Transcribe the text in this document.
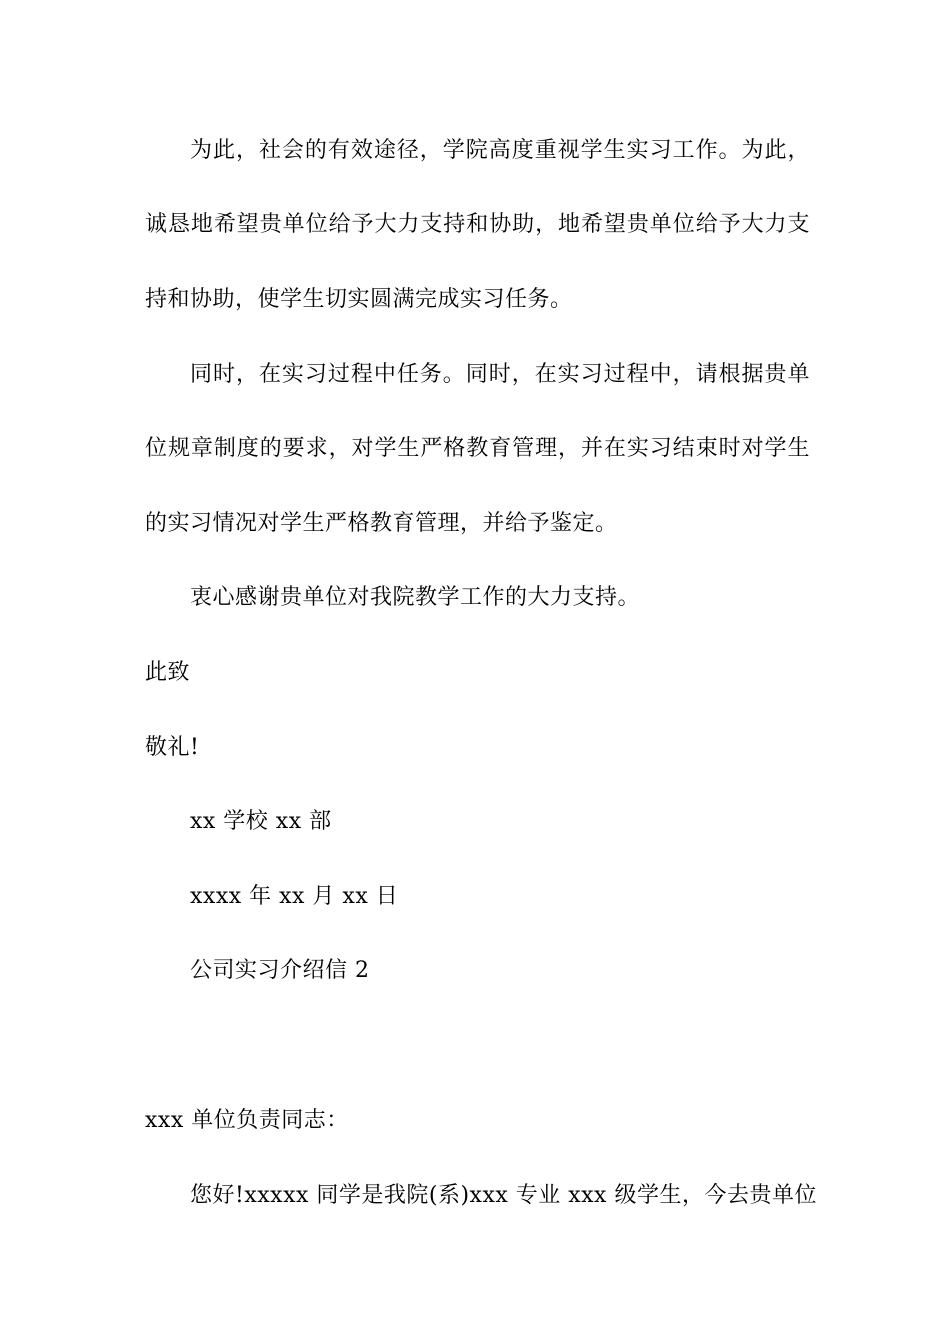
为此，社会的有效途径，学院高度重视学生实习工作。为此，
诚恳地希望贵单位给予大力支持和协助，地希望贵单位给予大力支
持和协助，使学生切实圆满完成实习任务。
同时，在实习过程中任务。同时，在实习过程中，请根据贵单
位规章制度的要求，对学生严格教育管理，并在实习结束时对学生
的实习情况对学生严格教育管理，并给予鉴定。
衷心感谢贵单位对我院教学工作的大力支持。
此致
敬礼!
xx 学校 xx 部
xxxx 年 xx 月 xx 日
公司实习介绍信 2
xxx 单位负责同志：
您好!xxxxx 同学是我院(系)xxx 专业 xxx 级学生，今去贵单位
